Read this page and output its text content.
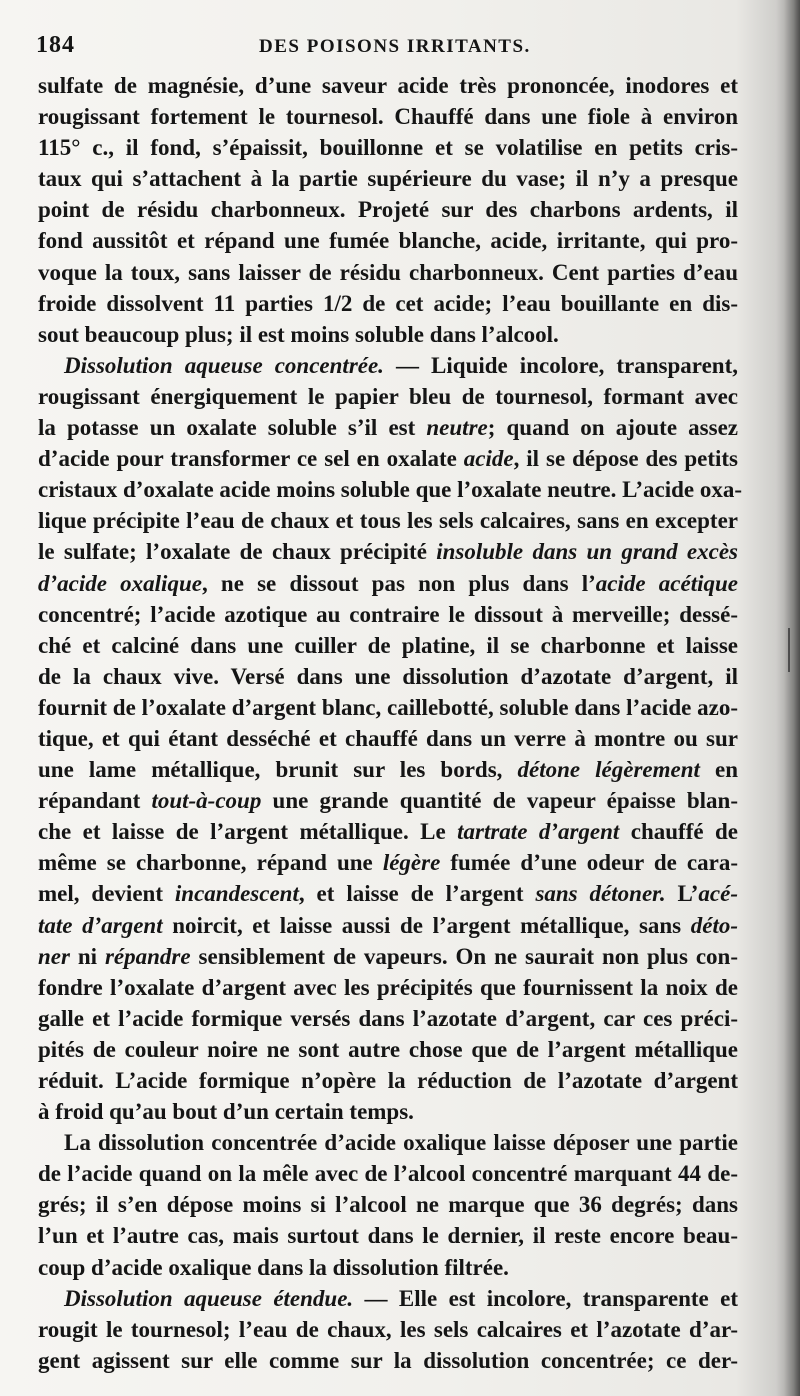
184	DES POISONS IRRITANTS.
sulfate de magnésie, d’une saveur acide très prononcée, inodores et
rougissant fortement le tournesol. Chauffé dans une fiole à environ
115° c., il fond, s’épaissit, bouillonne et se volatilise en petits cris-
taux qui s’attachent à la partie supérieure du vase; il n’y a presque
point de résidu charbonneux. Projeté sur des charbons ardents, il
fond aussitôt et répand une fumée blanche, acide, irritante, qui pro-
voque la toux, sans laisser de résidu charbonneux. Cent parties d’eau
froide dissolvent 11 parties 1/2 de cet acide; l’eau bouillante en dis-
sout beaucoup plus; il est moins soluble dans l’alcool.
Dissolution aqueuse concentrée. — Liquide incolore, transparent,
rougissant énergiquement le papier bleu de tournesol, formant avec
la potasse un oxalate soluble s’il est neutre; quand on ajoute assez
d’acide pour transformer ce sel en oxalate acide, il se dépose des petits
cristaux d’oxalate acide moins soluble que l’oxalate neutre. L’acide oxa-
lique précipite l’eau de chaux et tous les sels calcaires, sans en excepter
le sulfate; l’oxalate de chaux précipité insoluble dans un grand excès
d’acide oxalique, ne se dissout pas non plus dans l’acide acétique
concentré; l’acide azotique au contraire le dissout à merveille; dessé-
ché et calciné dans une cuiller de platine, il se charbonne et laisse
de la chaux vive. Versé dans une dissolution d’azotate d’argent, il
fournit de l’oxalate d’argent blanc, caillebotté, soluble dans l’acide azo-
tique, et qui étant desséché et chauffé dans un verre à montre ou sur
une lame métallique, brunit sur les bords, détone légèrement en
répandant tout-à-coup une grande quantité de vapeur épaisse blan-
che et laisse de l’argent métallique. Le tartrate d’argent chauffé de
même se charbonne, répand une légère fumée d’une odeur de cara-
mel, devient incandescent, et laisse de l’argent sans détoner. L’acé-
tate d’argent noircit, et laisse aussi de l’argent métallique, sans déto-
ner ni répandre sensiblement de vapeurs. On ne saurait non plus con-
fondre l’oxalate d’argent avec les précipités que fournissent la noix de
galle et l’acide formique versés dans l’azotate d’argent, car ces préci-
pités de couleur noire ne sont autre chose que de l’argent métallique
réduit. L’acide formique n’opère la réduction de l’azotate d’argent
à froid qu’au bout d’un certain temps.
La dissolution concentrée d’acide oxalique laisse déposer une partie
de l’acide quand on la mêle avec de l’alcool concentré marquant 44 de-
grés; il s’en dépose moins si l’alcool ne marque que 36 degrés; dans
l’un et l’autre cas, mais surtout dans le dernier, il reste encore beau-
coup d’acide oxalique dans la dissolution filtrée.
Dissolution aqueuse étendue. — Elle est incolore, transparente et
rougit le tournesol; l’eau de chaux, les sels calcaires et l’azotate d’ar-
gent agissent sur elle comme sur la dissolution concentrée; ce der-
